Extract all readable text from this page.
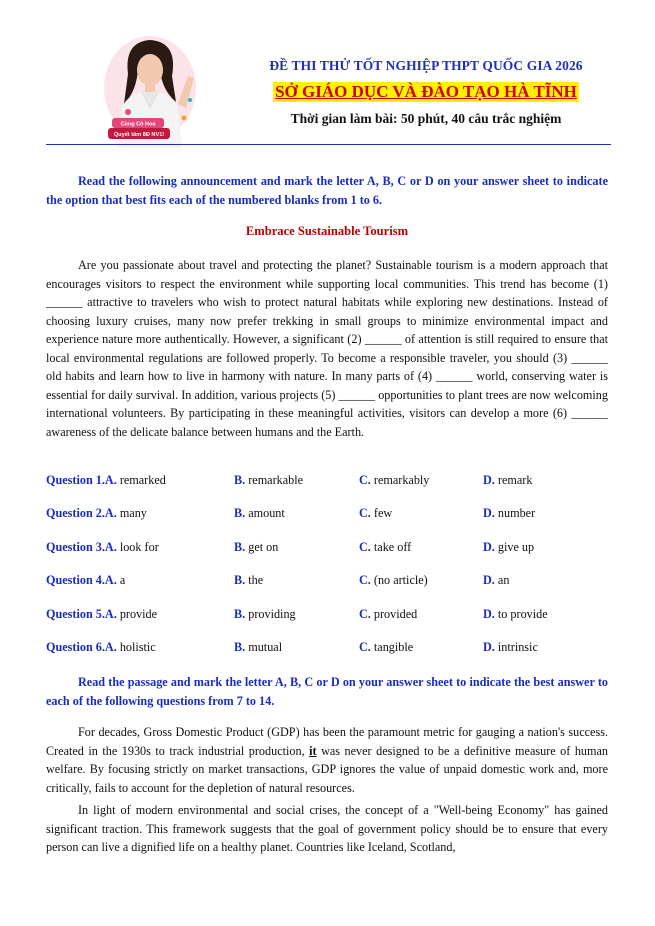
Cùng Cô Hoa
Quyết tâm 8Đ NV1!
ĐỀ THI THỬ TỐT NGHIỆP THPT QUỐC GIA 2026
SỞ GIÁO DỤC VÀ ĐÀO TẠO HÀ TĨNH
Thời gian làm bài: 50 phút, 40 câu trắc nghiệm
Read the following announcement and mark the letter A, B, C or D on your answer sheet to indicate the option that best fits each of the numbered blanks from 1 to 6.
Embrace Sustainable Tourism
Are you passionate about travel and protecting the planet? Sustainable tourism is a modern approach that encourages visitors to respect the environment while supporting local communities. This trend has become (1) ______ attractive to travelers who wish to protect natural habitats while exploring new destinations. Instead of choosing luxury cruises, many now prefer trekking in small groups to minimize environmental impact and experience nature more authentically. However, a significant (2) ______ of attention is still required to ensure that local environmental regulations are followed properly. To become a responsible traveler, you should (3) ______ old habits and learn how to live in harmony with nature. In many parts of (4) ______ world, conserving water is essential for daily survival. In addition, various projects (5) ______ opportunities to plant trees are now welcoming international volunteers. By participating in these meaningful activities, visitors can develop a more (6) ______ awareness of the delicate balance between humans and the Earth.
Question 1.A. remarked	B. remarkable	C. remarkably	D. remark
Question 2.A. many	B. amount	C. few	D. number
Question 3.A. look for	B. get on	C. take off	D. give up
Question 4.A. a	B. the	C. (no article)	D. an
Question 5.A. provide	B. providing	C. provided	D. to provide
Question 6.A. holistic	B. mutual	C. tangible	D. intrinsic
Read the passage and mark the letter A, B, C or D on your answer sheet to indicate the best answer to each of the following questions from 7 to 14.
For decades, Gross Domestic Product (GDP) has been the paramount metric for gauging a nation's success. Created in the 1930s to track industrial production, it was never designed to be a definitive measure of human welfare. By focusing strictly on market transactions, GDP ignores the value of unpaid domestic work and, more critically, fails to account for the depletion of natural resources.
In light of modern environmental and social crises, the concept of a "Well-being Economy" has gained significant traction. This framework suggests that the goal of government policy should be to ensure that every person can live a dignified life on a healthy planet. Countries like Iceland, Scotland,
